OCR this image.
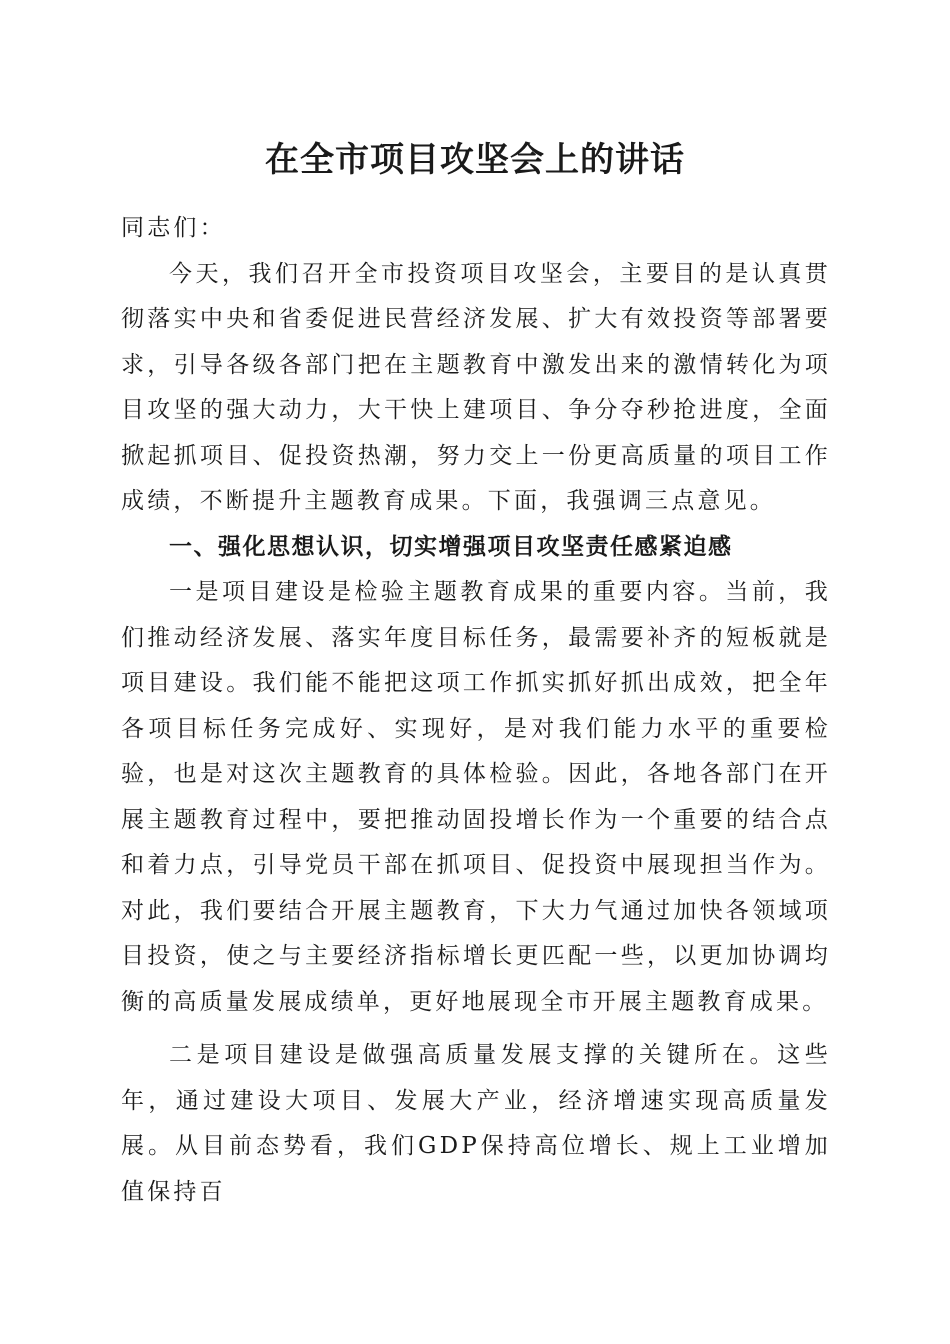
在全市项目攻坚会上的讲话

同志们：

今天，我们召开全市投资项目攻坚会，主要目的是认真贯彻落实中央和省委促进民营经济发展、扩大有效投资等部署要求，引导各级各部门把在主题教育中激发出来的激情转化为项目攻坚的强大动力，大干快上建项目、争分夺秒抢进度，全面掀起抓项目、促投资热潮，努力交上一份更高质量的项目工作成绩，不断提升主题教育成果。下面，我强调三点意见。

一、强化思想认识，切实增强项目攻坚责任感紧迫感

一是项目建设是检验主题教育成果的重要内容。当前，我们推动经济发展、落实年度目标任务，最需要补齐的短板就是项目建设。我们能不能把这项工作抓实抓好抓出成效，把全年各项目标任务完成好、实现好，是对我们能力水平的重要检验，也是对这次主题教育的具体检验。因此，各地各部门在开展主题教育过程中，要把推动固投增长作为一个重要的结合点和着力点，引导党员干部在抓项目、促投资中展现担当作为。对此，我们要结合开展主题教育，下大力气通过加快各领域项目投资，使之与主要经济指标增长更匹配一些，以更加协调均衡的高质量发展成绩单，更好地展现全市开展主题教育成果。

二是项目建设是做强高质量发展支撑的关键所在。这些年，通过建设大项目、发展大产业，经济增速实现高质量发展。从目前态势看，我们GDP保持高位增长、规上工业增加值保持百
